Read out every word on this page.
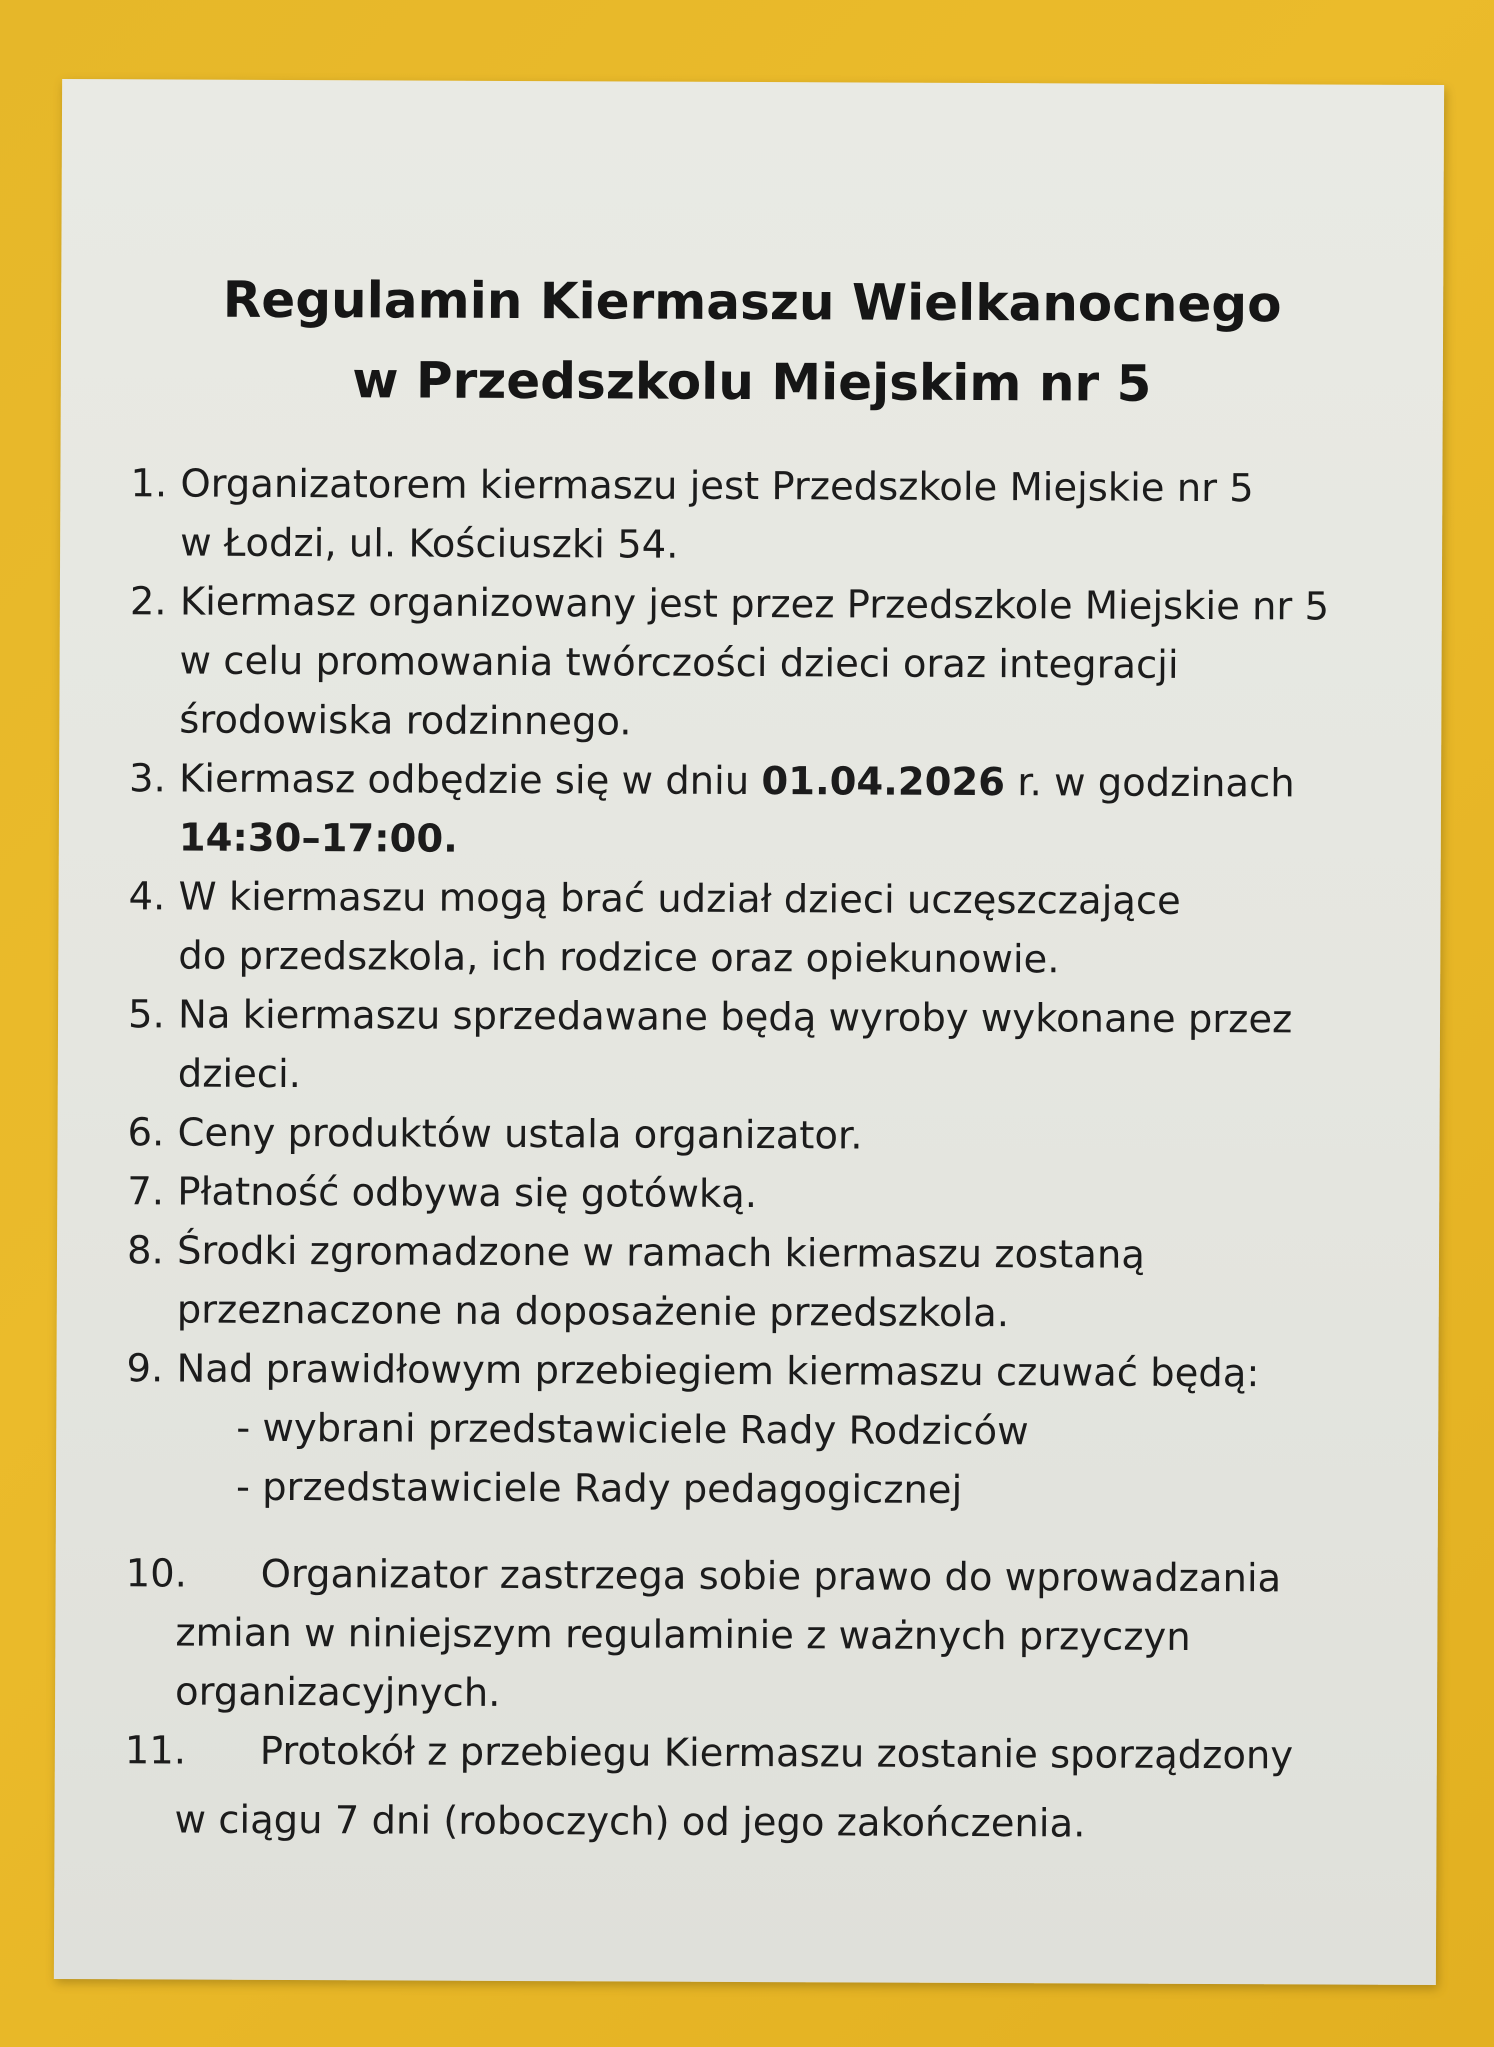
Regulamin Kiermaszu Wielkanocnego
w Przedszkolu Miejskim nr 5
1. Organizatorem kiermaszu jest Przedszkole Miejskie nr 5
w Łodzi, ul. Kościuszki 54.
2. Kiermasz organizowany jest przez Przedszkole Miejskie nr 5
w celu promowania twórczości dzieci oraz integracji
środowiska rodzinnego.
3. Kiermasz odbędzie się w dniu 01.04.2026 r. w godzinach
14:30–17:00.
4. W kiermaszu mogą brać udział dzieci uczęszczające
do przedszkola, ich rodzice oraz opiekunowie.
5. Na kiermaszu sprzedawane będą wyroby wykonane przez
dzieci.
6. Ceny produktów ustala organizator.
7. Płatność odbywa się gotówką.
8. Środki zgromadzone w ramach kiermaszu zostaną
przeznaczone na doposażenie przedszkola.
9. Nad prawidłowym przebiegiem kiermaszu czuwać będą:
- wybrani przedstawiciele Rady Rodziców
- przedstawiciele Rady pedagogicznej
10.	Organizator zastrzega sobie prawo do wprowadzania
zmian w niniejszym regulaminie z ważnych przyczyn
organizacyjnych.
11.	Protokół z przebiegu Kiermaszu zostanie sporządzony
w ciągu 7 dni (roboczych) od jego zakończenia.
